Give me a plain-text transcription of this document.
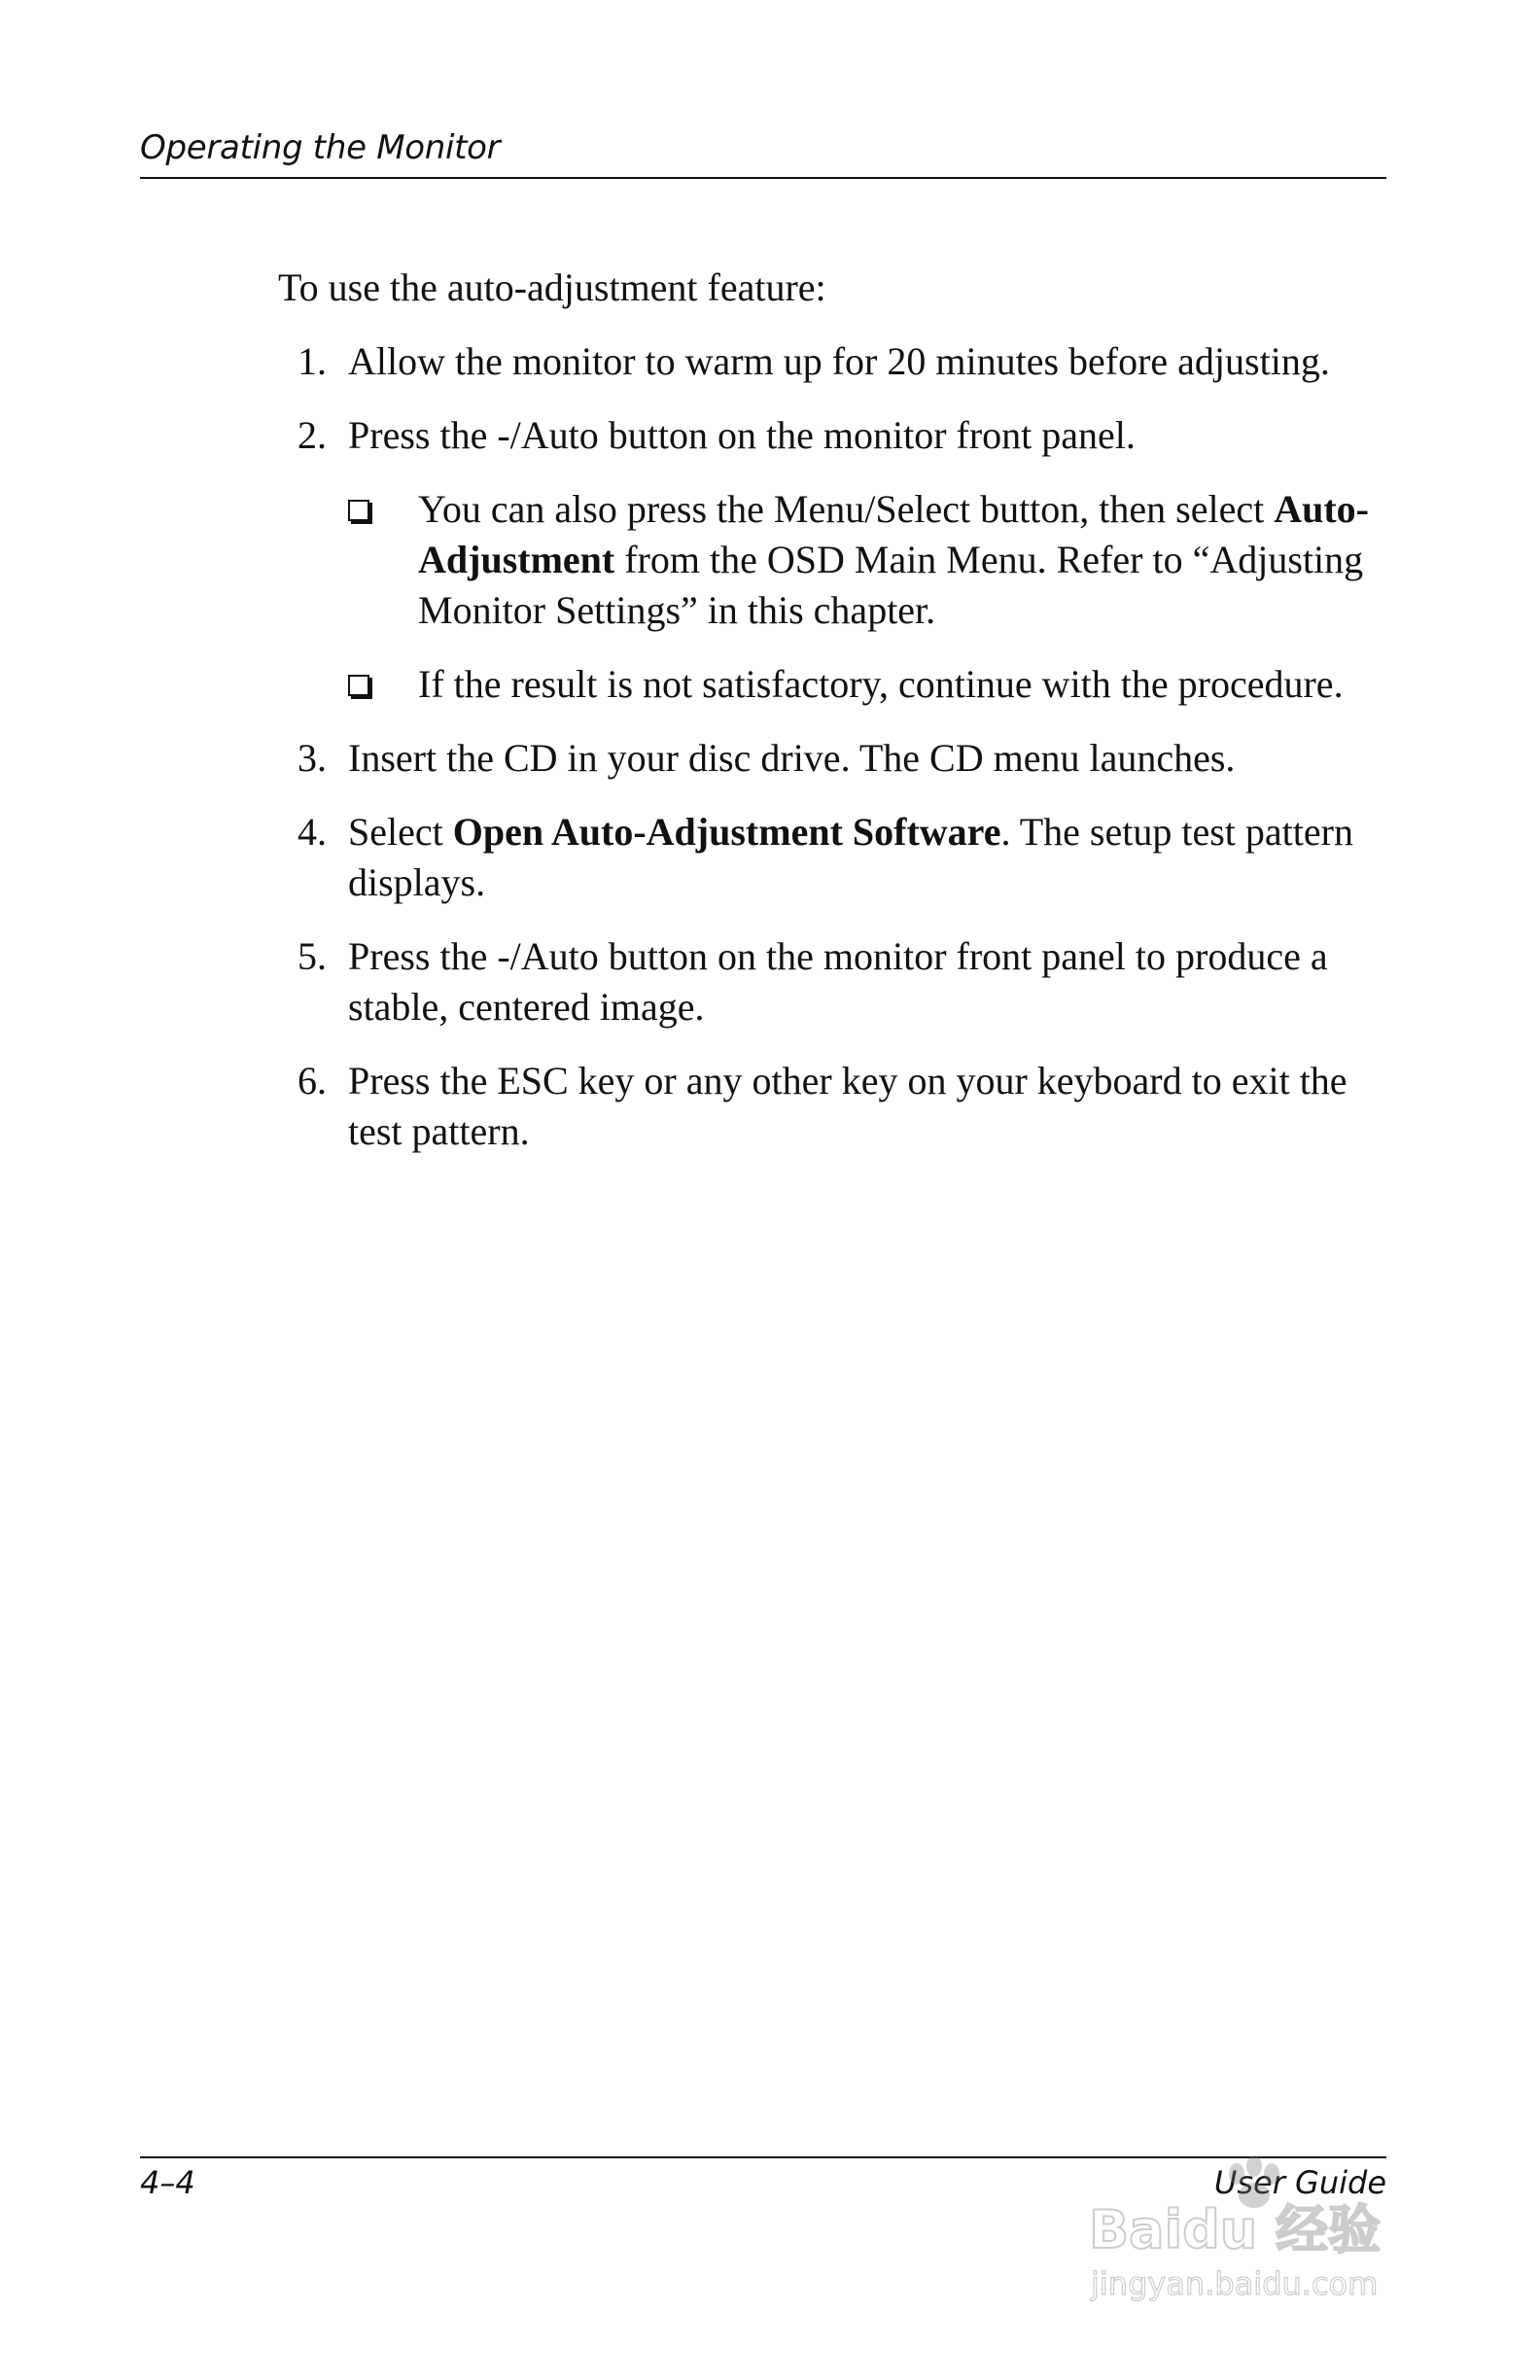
Operating the Monitor

To use the auto-adjustment feature:

1. Allow the monitor to warm up for 20 minutes before adjusting.
2. Press the -/Auto button on the monitor front panel.
You can also press the Menu/Select button, then select Auto-Adjustment from the OSD Main Menu. Refer to “Adjusting Monitor Settings” in this chapter.
If the result is not satisfactory, continue with the procedure.
3. Insert the CD in your disc drive. The CD menu launches.
4. Select Open Auto-Adjustment Software. The setup test pattern displays.
5. Press the -/Auto button on the monitor front panel to produce a stable, centered image.
6. Press the ESC key or any other key on your keyboard to exit the test pattern.
4–4	User Guide
Baidu 经验
jingyan.baidu.com
